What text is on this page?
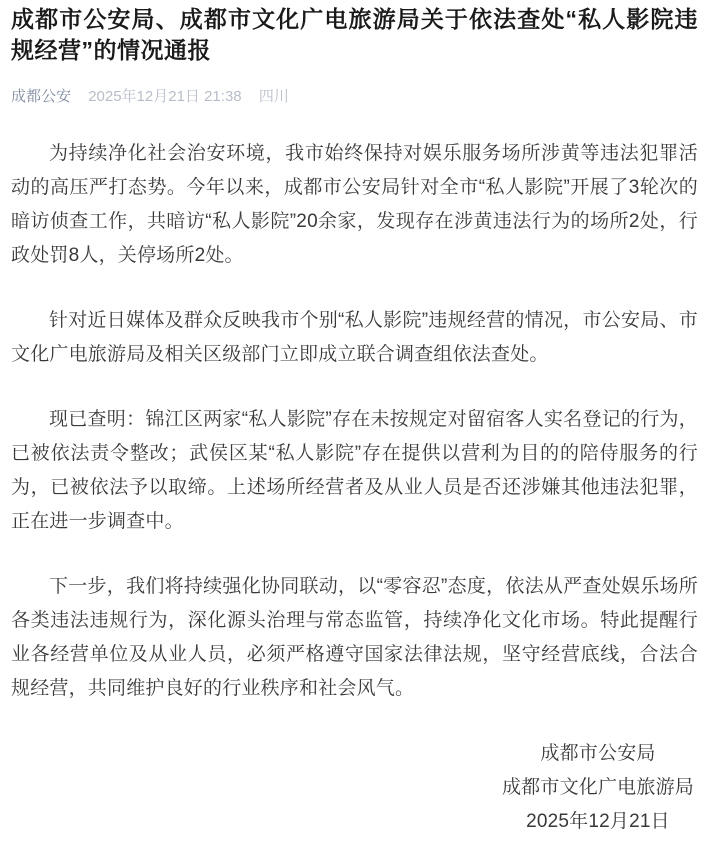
成都市公安局、成都市文化广电旅游局关于依法查处“私人影院违规经营”的情况通报
成都公安 2025年12月21日 21:38 四川

为持续净化社会治安环境，我市始终保持对娱乐服务场所涉黄等违法犯罪活动的高压严打态势。今年以来，成都市公安局针对全市“私人影院”开展了3轮次的暗访侦查工作，共暗访“私人影院”20余家，发现存在涉黄违法行为的场所2处，行政处罚8人，关停场所2处。

针对近日媒体及群众反映我市个别“私人影院”违规经营的情况，市公安局、市文化广电旅游局及相关区级部门立即成立联合调查组依法查处。

现已查明：锦江区两家“私人影院”存在未按规定对留宿客人实名登记的行为，已被依法责令整改；武侯区某“私人影院”存在提供以营利为目的的陪侍服务的行为，已被依法予以取缔。上述场所经营者及从业人员是否还涉嫌其他违法犯罪，正在进一步调查中。

下一步，我们将持续强化协同联动，以“零容忍”态度，依法从严查处娱乐场所各类违法违规行为，深化源头治理与常态监管，持续净化文化市场。特此提醒行业各经营单位及从业人员，必须严格遵守国家法律法规，坚守经营底线，合法合规经营，共同维护良好的行业秩序和社会风气。

成都市公安局
成都市文化广电旅游局
2025年12月21日
